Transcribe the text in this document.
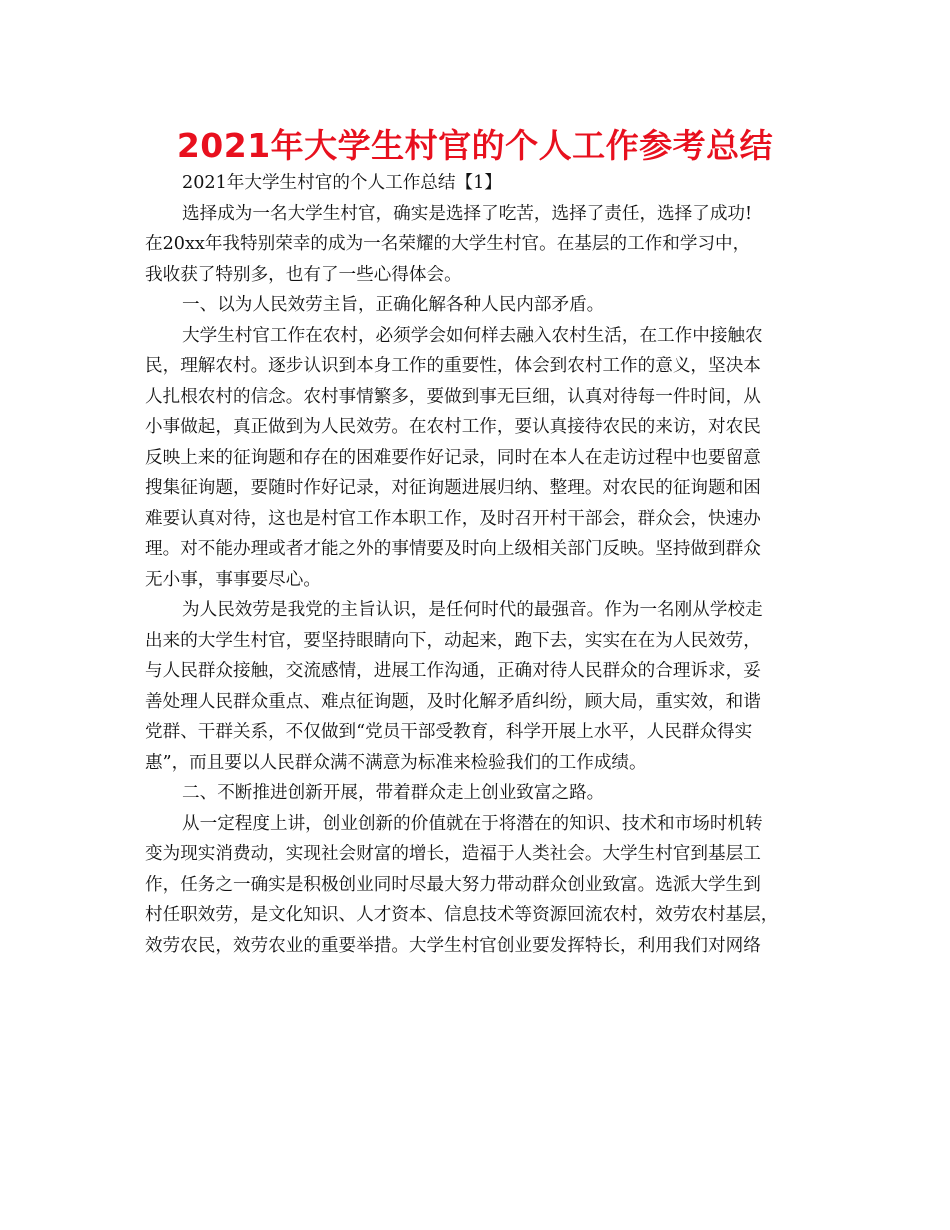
2021年大学生村官的个人工作参考总结
2021年大学生村官的个人工作总结【1】
选择成为一名大学生村官，确实是选择了吃苦，选择了责任，选择了成功!
在20xx年我特别荣幸的成为一名荣耀的大学生村官。在基层的工作和学习中，
我收获了特别多，也有了一些心得体会。
一、以为人民效劳主旨，正确化解各种人民内部矛盾。
大学生村官工作在农村，必须学会如何样去融入农村生活，在工作中接触农
民，理解农村。逐步认识到本身工作的重要性，体会到农村工作的意义，坚决本
人扎根农村的信念。农村事情繁多，要做到事无巨细，认真对待每一件时间，从
小事做起，真正做到为人民效劳。在农村工作，要认真接待农民的来访，对农民
反映上来的征询题和存在的困难要作好记录，同时在本人在走访过程中也要留意
搜集征询题，要随时作好记录，对征询题进展归纳、整理。对农民的征询题和困
难要认真对待，这也是村官工作本职工作，及时召开村干部会，群众会，快速办
理。对不能办理或者才能之外的事情要及时向上级相关部门反映。坚持做到群众
无小事，事事要尽心。
为人民效劳是我党的主旨认识，是任何时代的最强音。作为一名刚从学校走
出来的大学生村官，要坚持眼睛向下，动起来，跑下去，实实在在为人民效劳，
与人民群众接触，交流感情，进展工作沟通，正确对待人民群众的合理诉求，妥
善处理人民群众重点、难点征询题，及时化解矛盾纠纷，顾大局，重实效，和谐
党群、干群关系，不仅做到“党员干部受教育，科学开展上水平，人民群众得实
惠”，而且要以人民群众满不满意为标准来检验我们的工作成绩。
二、不断推进创新开展，带着群众走上创业致富之路。
从一定程度上讲，创业创新的价值就在于将潜在的知识、技术和市场时机转
变为现实消费动，实现社会财富的增长，造福于人类社会。大学生村官到基层工
作，任务之一确实是积极创业同时尽最大努力带动群众创业致富。选派大学生到
村任职效劳，是文化知识、人才资本、信息技术等资源回流农村，效劳农村基层，
效劳农民，效劳农业的重要举措。大学生村官创业要发挥特长，利用我们对网络
